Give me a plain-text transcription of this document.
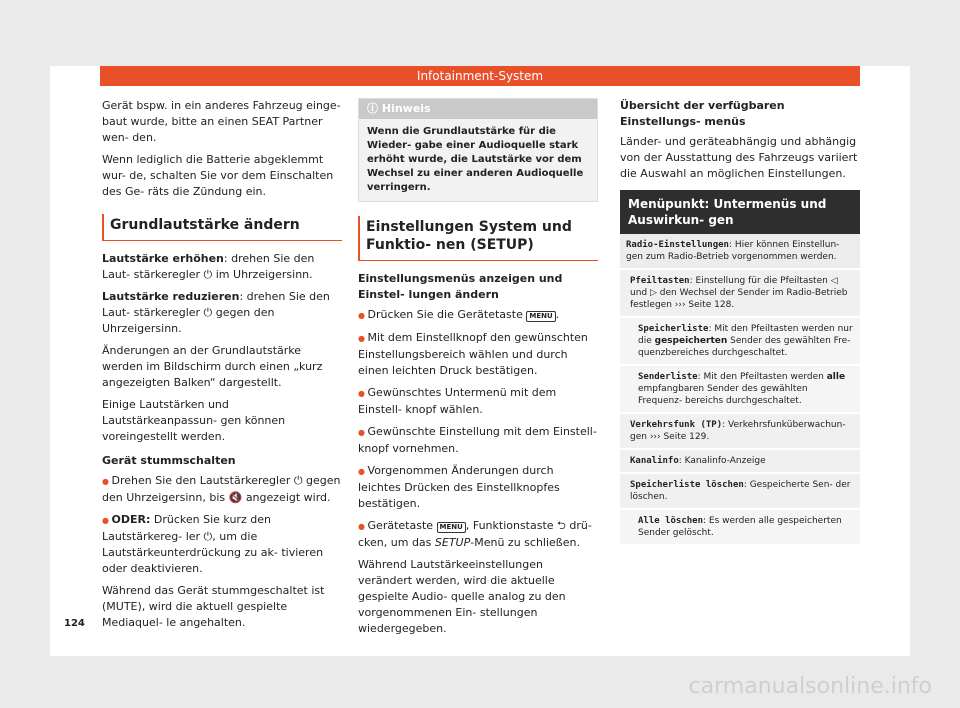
Infotainment-System

Gerät bspw. in ein anderes Fahrzeug einge- baut wurde, bitte an einen SEAT Partner wen- den.

Wenn lediglich die Batterie abgeklemmt wur- de, schalten Sie vor dem Einschalten des Ge- räts die Zündung ein.

Grundlautstärke ändern

Lautstärke erhöhen: drehen Sie den Laut- stärkeregler ⏻ im Uhrzeigersinn.

Lautstärke reduzieren: drehen Sie den Laut- stärkeregler ⏻ gegen den Uhrzeigersinn.

Änderungen an der Grundlautstärke werden im Bildschirm durch einen „kurz angezeigten Balken“ dargestellt.

Einige Lautstärken und Lautstärkeanpassun- gen können voreingestellt werden.

Gerät stummschalten

● Drehen Sie den Lautstärkeregler ⏻ gegen den Uhrzeigersinn, bis 🔇 angezeigt wird.

● ODER: Drücken Sie kurz den Lautstärkereg- ler ⏻, um die Lautstärkeunterdrückung zu ak- tivieren oder deaktivieren.

Während das Gerät stummgeschaltet ist (MUTE), wird die aktuell gespielte Mediaquel- le angehalten.

ⓘ Hinweis
Wenn die Grundlautstärke für die Wieder- gabe einer Audioquelle stark erhöht wurde, die Lautstärke vor dem Wechsel zu einer anderen Audioquelle verringern.
Einstellungen System und Funktio- nen (SETUP)
Einstellungsmenüs anzeigen und Einstel- lungen ändern

● Drücken Sie die Gerätetaste MENU .

● Mit dem Einstellknopf den gewünschten Einstellungsbereich wählen und durch einen leichten Druck bestätigen.

● Gewünschtes Untermenü mit dem Einstell- knopf wählen.

● Gewünschte Einstellung mit dem Einstell- knopf vornehmen.

● Vorgenommen Änderungen durch leichtes Drücken des Einstellknopfes bestätigen.

● Gerätetaste MENU , Funktionstaste ⮌ drü- cken, um das SETUP-Menü zu schließen.

Während Lautstärkeeinstellungen verändert werden, wird die aktuelle gespielte Audio- quelle analog zu den vorgenommenen Ein- stellungen wiedergegeben.

Übersicht der verfügbaren Einstellungs- menüs

Länder- und geräteabhängig und abhängig von der Ausstattung des Fahrzeugs variiert die Auswahl an möglichen Einstellungen.

Menüpunkt: Untermenüs und Auswirkun- gen
Radio-Einstellungen: Hier können Einstellun- gen zum Radio-Betrieb vorgenommen werden.
Pfeiltasten: Einstellung für die Pfeiltasten ◁ und ▷ den Wechsel der Sender im Radio-Betrieb festlegen ››› Seite 128.
Speicherliste: Mit den Pfeiltasten werden nur die gespeicherten Sender des gewählten Fre- quenzbereiches durchgeschaltet.
Senderliste: Mit den Pfeiltasten werden alle empfangbaren Sender des gewählten Frequenz- bereichs durchgeschaltet.
Verkehrsfunk (TP): Verkehrsfunküberwachun- gen ››› Seite 129.
Kanalinfo: Kanalinfo-Anzeige
Speicherliste löschen: Gespeicherte Sen- der löschen.
Alle löschen: Es werden alle gespeicherten Sender gelöscht.
124
carmanualsonline.info
